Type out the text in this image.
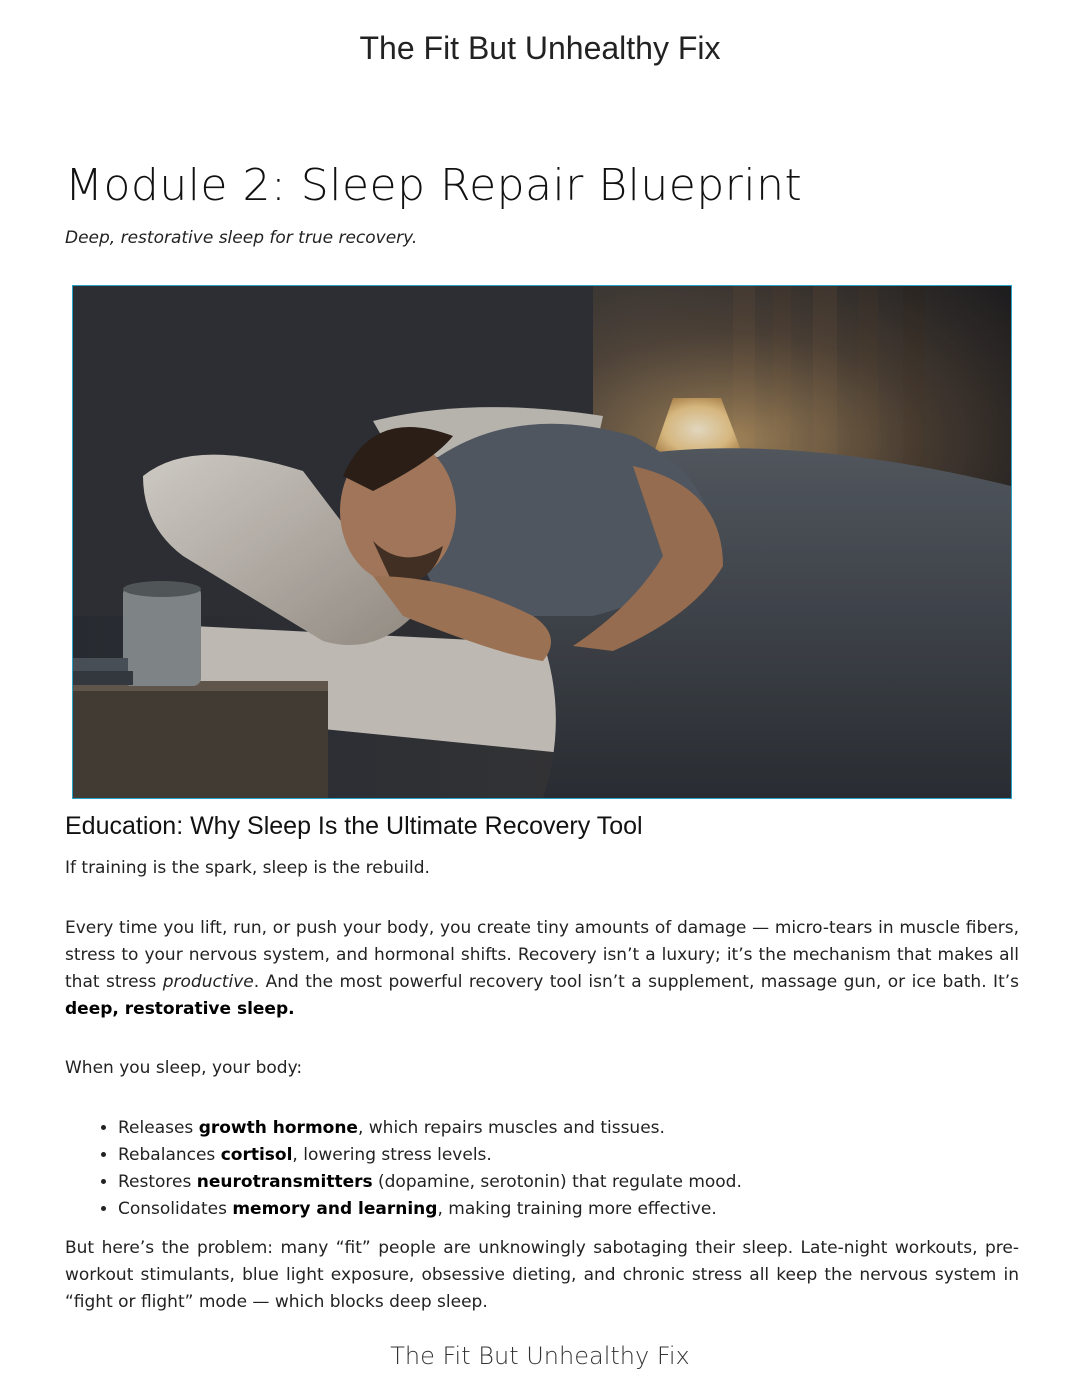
The Fit But Unhealthy Fix
Module 2: Sleep Repair Blueprint
Deep, restorative sleep for true recovery.
Education: Why Sleep Is the Ultimate Recovery Tool

If training is the spark, sleep is the rebuild.

Every time you lift, run, or push your body, you create tiny amounts of damage — micro-tears in muscle fibers, stress to your nervous system, and hormonal shifts. Recovery isn’t a luxury; it’s the mechanism that makes all that stress productive. And the most powerful recovery tool isn’t a supplement, massage gun, or ice bath. It’s deep, restorative sleep.

When you sleep, your body:

• Releases growth hormone, which repairs muscles and tissues.
• Rebalances cortisol, lowering stress levels.
• Restores neurotransmitters (dopamine, serotonin) that regulate mood.
• Consolidates memory and learning, making training more effective.

But here’s the problem: many “fit” people are unknowingly sabotaging their sleep. Late-night workouts, pre-workout stimulants, blue light exposure, obsessive dieting, and chronic stress all keep the nervous system in “fight or flight” mode — which blocks deep sleep.

The Fit But Unhealthy Fix
